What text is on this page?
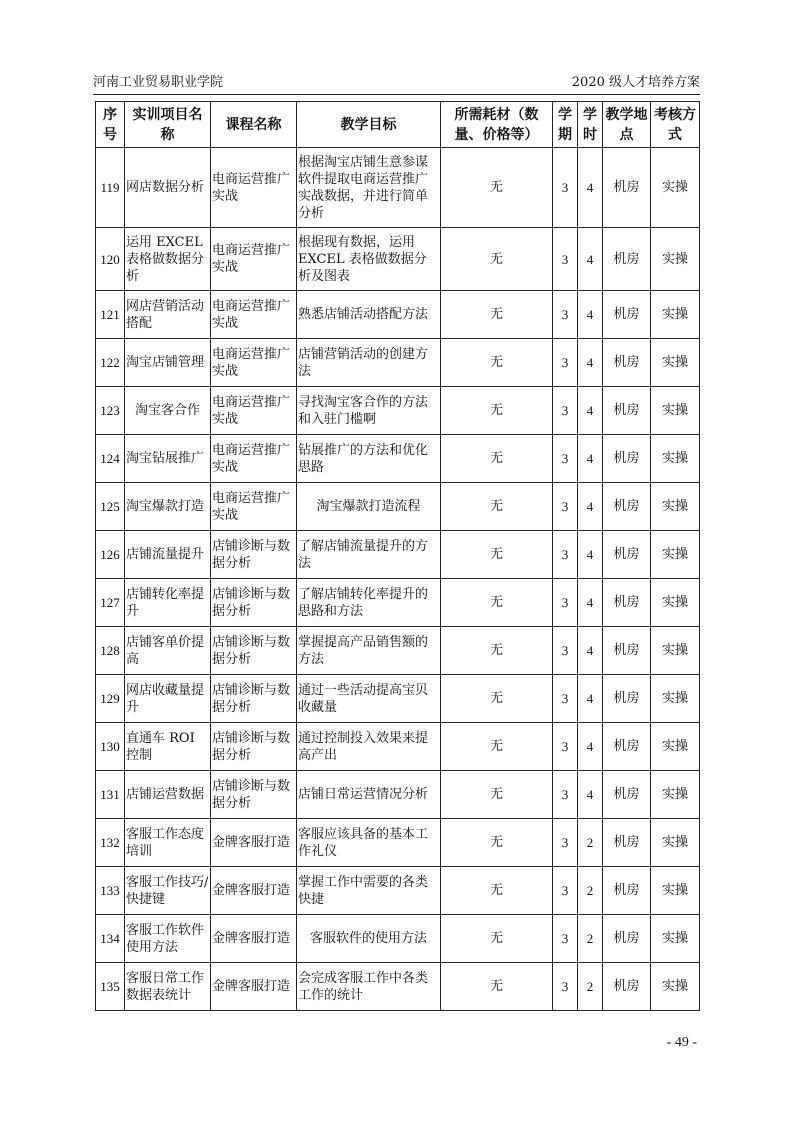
河南工业贸易职业学院	2020 级人才培养方案
序号	实训项目名称	课程名称	教学目标	所需耗材（数量、价格等）	学期	学时	教学地点	考核方式
119	网店数据分析	电商运营推广实战	根据淘宝店铺生意参谋软件提取电商运营推广实战数据，并进行简单分析	无	3	4	机房	实操
120	运用 EXCEL 表格做数据分析	电商运营推广实战	根据现有数据，运用 EXCEL 表格做数据分析及图表	无	3	4	机房	实操
121	网店营销活动搭配	电商运营推广实战	熟悉店铺活动搭配方法	无	3	4	机房	实操
122	淘宝店铺管理	电商运营推广实战	店铺营销活动的创建方法	无	3	4	机房	实操
123	淘宝客合作	电商运营推广实战	寻找淘宝客合作的方法和入驻门槛啊	无	3	4	机房	实操
124	淘宝钻展推广	电商运营推广实战	钻展推广的方法和优化思路	无	3	4	机房	实操
125	淘宝爆款打造	电商运营推广实战	淘宝爆款打造流程	无	3	4	机房	实操
126	店铺流量提升	店铺诊断与数据分析	了解店铺流量提升的方法	无	3	4	机房	实操
127	店铺转化率提升	店铺诊断与数据分析	了解店铺转化率提升的思路和方法	无	3	4	机房	实操
128	店铺客单价提高	店铺诊断与数据分析	掌握提高产品销售额的方法	无	3	4	机房	实操
129	网店收藏量提升	店铺诊断与数据分析	通过一些活动提高宝贝收藏量	无	3	4	机房	实操
130	直通车 ROI 控制	店铺诊断与数据分析	通过控制投入效果来提高产出	无	3	4	机房	实操
131	店铺运营数据	店铺诊断与数据分析	店铺日常运营情况分析	无	3	4	机房	实操
132	客服工作态度培训	金牌客服打造	客服应该具备的基本工作礼仪	无	3	2	机房	实操
133	客服工作技巧/快捷键	金牌客服打造	掌握工作中需要的各类快捷	无	3	2	机房	实操
134	客服工作软件使用方法	金牌客服打造	客服软件的使用方法	无	3	2	机房	实操
135	客服日常工作数据表统计	金牌客服打造	会完成客服工作中各类工作的统计	无	3	2	机房	实操
- 49 -
